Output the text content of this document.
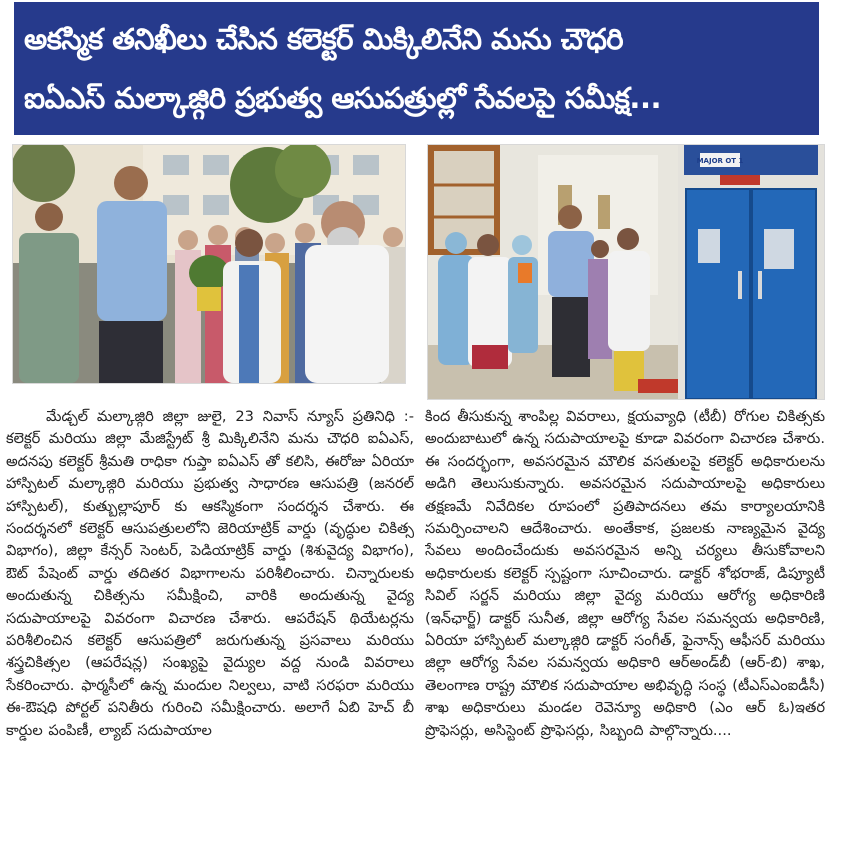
అకస్మిక తనిఖీలు చేసిన కలెక్టర్ మిక్కిలినేని మను చౌధరి
ఐఏఎస్ మల్కాజ్గిరి ప్రభుత్వ ఆసుపత్రుల్లో సేవలపై సమీక్ష...
MAJOR OT 1
మేడ్చల్ మల్కాజ్గిరి జిల్లా జులై, 23 నివాస్ న్యూస్ ప్రతినిధి :- కలెక్టర్ మరియు జిల్లా మేజిస్ట్రేట్ శ్రీ మిక్కిలినేని మను చౌధరి ఐఏఎస్, అదనపు కలెక్టర్ శ్రీమతి రాధికా గుప్తా ఐఏఎస్ తో కలిసి, ఈరోజు ఏరియా హాస్పిటల్ మల్కాజ్గిరి మరియు ప్రభుత్వ సాధారణ ఆసుపత్రి (జనరల్ హాస్పిటల్), కుత్బుల్లాపూర్ కు ఆకస్మికంగా సందర్శన చేశారు. ఈ సందర్శనలో కలెక్టర్ ఆసుపత్రులలోని జెరియాట్రిక్ వార్డు (వృద్ధుల చికిత్స విభాగం), జిల్లా కేన్సర్ సెంటర్, పెడియాట్రిక్ వార్డు (శిశువైద్య విభాగం), ఔట్ పేషెంట్ వార్డు తదితర విభాగాలను పరిశీలించారు. చిన్నారులకు అందుతున్న చికిత్సను సమీక్షించి, వారికి అందుతున్న వైద్య సదుపాయాలపై వివరంగా విచారణ చేశారు. ఆపరేషన్ థియేటర్లను పరిశీలించిన కలెక్టర్ ఆసుపత్రిలో జరుగుతున్న ప్రసవాలు మరియు శస్త్రచికిత్సల (ఆపరేషన్ల) సంఖ్యపై వైద్యుల వద్ద నుండి వివరాలు సేకరించారు. ఫార్మసీలో ఉన్న మందుల నిల్వలు, వాటి సరఫరా మరియు ఈ-ఔషధి పోర్టల్ పనితీరు గురించి సమీక్షించారు. అలాగే ఏబి హెచ్ బీ కార్డుల పంపిణీ, ల్యాబ్ సదుపాయాల
కింద తీసుకున్న శాంపిల్ల వివరాలు, క్షయవ్యాధి (టీబీ) రోగుల చికిత్సకు అందుబాటులో ఉన్న సదుపాయాలపై కూడా వివరంగా విచారణ చేశారు. ఈ సందర్భంగా, అవసరమైన మౌలిక వసతులపై కలెక్టర్ అధికారులను అడిగి తెలుసుకున్నారు. అవసరమైన సదుపాయాలపై అధికారులు తక్షణమే నివేదికల రూపంలో ప్రతిపాదనలు తమ కార్యాలయానికి సమర్పించాలని ఆదేశించారు. అంతేకాక, ప్రజలకు నాణ్యమైన వైద్య సేవలు అందించేందుకు అవసరమైన అన్ని చర్యలు తీసుకోవాలని అధికారులకు కలెక్టర్ స్పష్టంగా సూచించారు. డాక్టర్ శోభరాజ్, డిప్యూటీ సివిల్ సర్జన్ మరియు జిల్లా వైద్య మరియు ఆరోగ్య అధికారిణి (ఇన్‌ఛార్జ్) డాక్టర్ సునీత, జిల్లా ఆరోగ్య సేవల సమన్వయ అధికారిణి, ఏరియా హాస్పిటల్ మల్కాజ్గిరి డాక్టర్ సంగీత్, ఫైనాన్స్ ఆఫీసర్ మరియు జిల్లా ఆరోగ్య సేవల సమన్వయ అధికారి ఆర్అండ్‌బీ (ఆర్-బి) శాఖ, తెలంగాణ రాష్ట్ర మౌలిక సదుపాయాల అభివృద్ధి సంస్థ (టీఎస్ఎంఐడీసీ) శాఖ అధికారులు మండల రెవెన్యూ అధికారి (ఎం ఆర్ ఓ)ఇతర ప్రొఫెసర్లు, అసిస్టెంట్ ప్రొఫెసర్లు, సిబ్బంది పాల్గొన్నారు....
